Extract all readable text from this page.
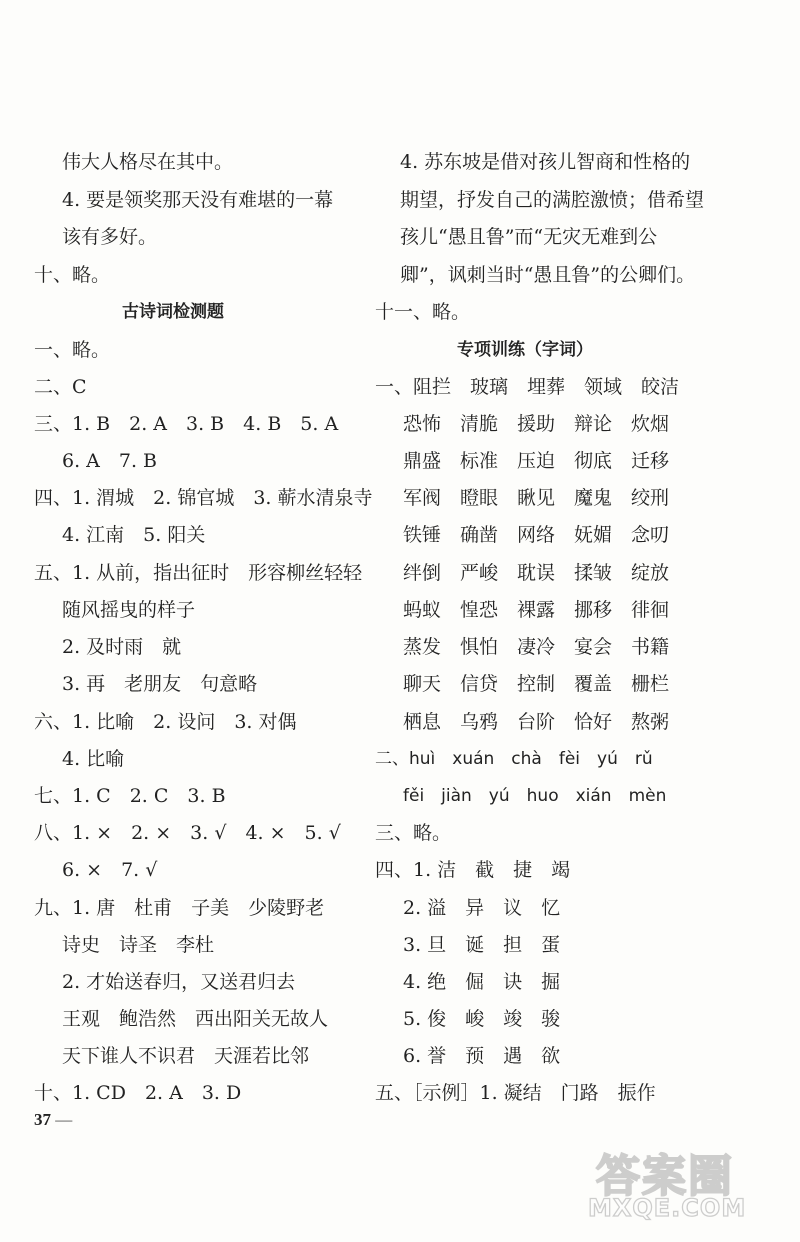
伟大人格尽在其中。
4. 要是领奖那天没有难堪的一幕
该有多好。
十、略。
古诗词检测题
一、略。
二、C
三、1. B　2. A　3. B　4. B　5. A
6. A　7. B
四、1. 渭城　2. 锦官城　3. 蕲水清泉寺
4. 江南　5. 阳关
五、1. 从前，指出征时　形容柳丝轻轻
随风摇曳的样子
2. 及时雨　就
3. 再　老朋友　句意略
六、1. 比喻　2. 设问　3. 对偶
4. 比喻
七、1. C　2. C　3. B
八、1. ×　2. ×　3. √　4. ×　5. √
6. ×　7. √
九、1. 唐　杜甫　子美　少陵野老
诗史　诗圣　李杜
2. 才始送春归，又送君归去
王观　鲍浩然　西出阳关无故人
天下谁人不识君　天涯若比邻
十、1. CD　2. A　3. D
4. 苏东坡是借对孩儿智商和性格的
期望，抒发自己的满腔激愤；借希望
孩儿“愚且鲁”而“无灾无难到公
卿”，讽刺当时“愚且鲁”的公卿们。
十一、略。
专项训练（字词）
一、阻拦　玻璃　埋葬　领域　皎洁
恐怖　清脆　援助　辩论　炊烟
鼎盛　标准　压迫　彻底　迁移
军阀　瞪眼　瞅见　魔鬼　绞刑
铁锤　确凿　网络　妩媚　念叨
绊倒　严峻　耽误　揉皱　绽放
蚂蚁　惶恐　裸露　挪移　徘徊
蒸发　惧怕　凄冷　宴会　书籍
聊天　信贷　控制　覆盖　栅栏
栖息　乌鸦　台阶　恰好　熬粥
二、huì　xuán　chà　fèi　yú　rǔ
fěi　jiàn　yú　huo　xián　mèn
三、略。
四、1. 洁　截　捷　竭
2. 溢　异　议　忆
3. 旦　诞　担　蛋
4. 绝　倔　诀　掘
5. 俊　峻　竣　骏
6. 誉　预　遇　欲
五、［示例］1. 凝结　门路　振作
37 —
答案圈
MXQE.COM
